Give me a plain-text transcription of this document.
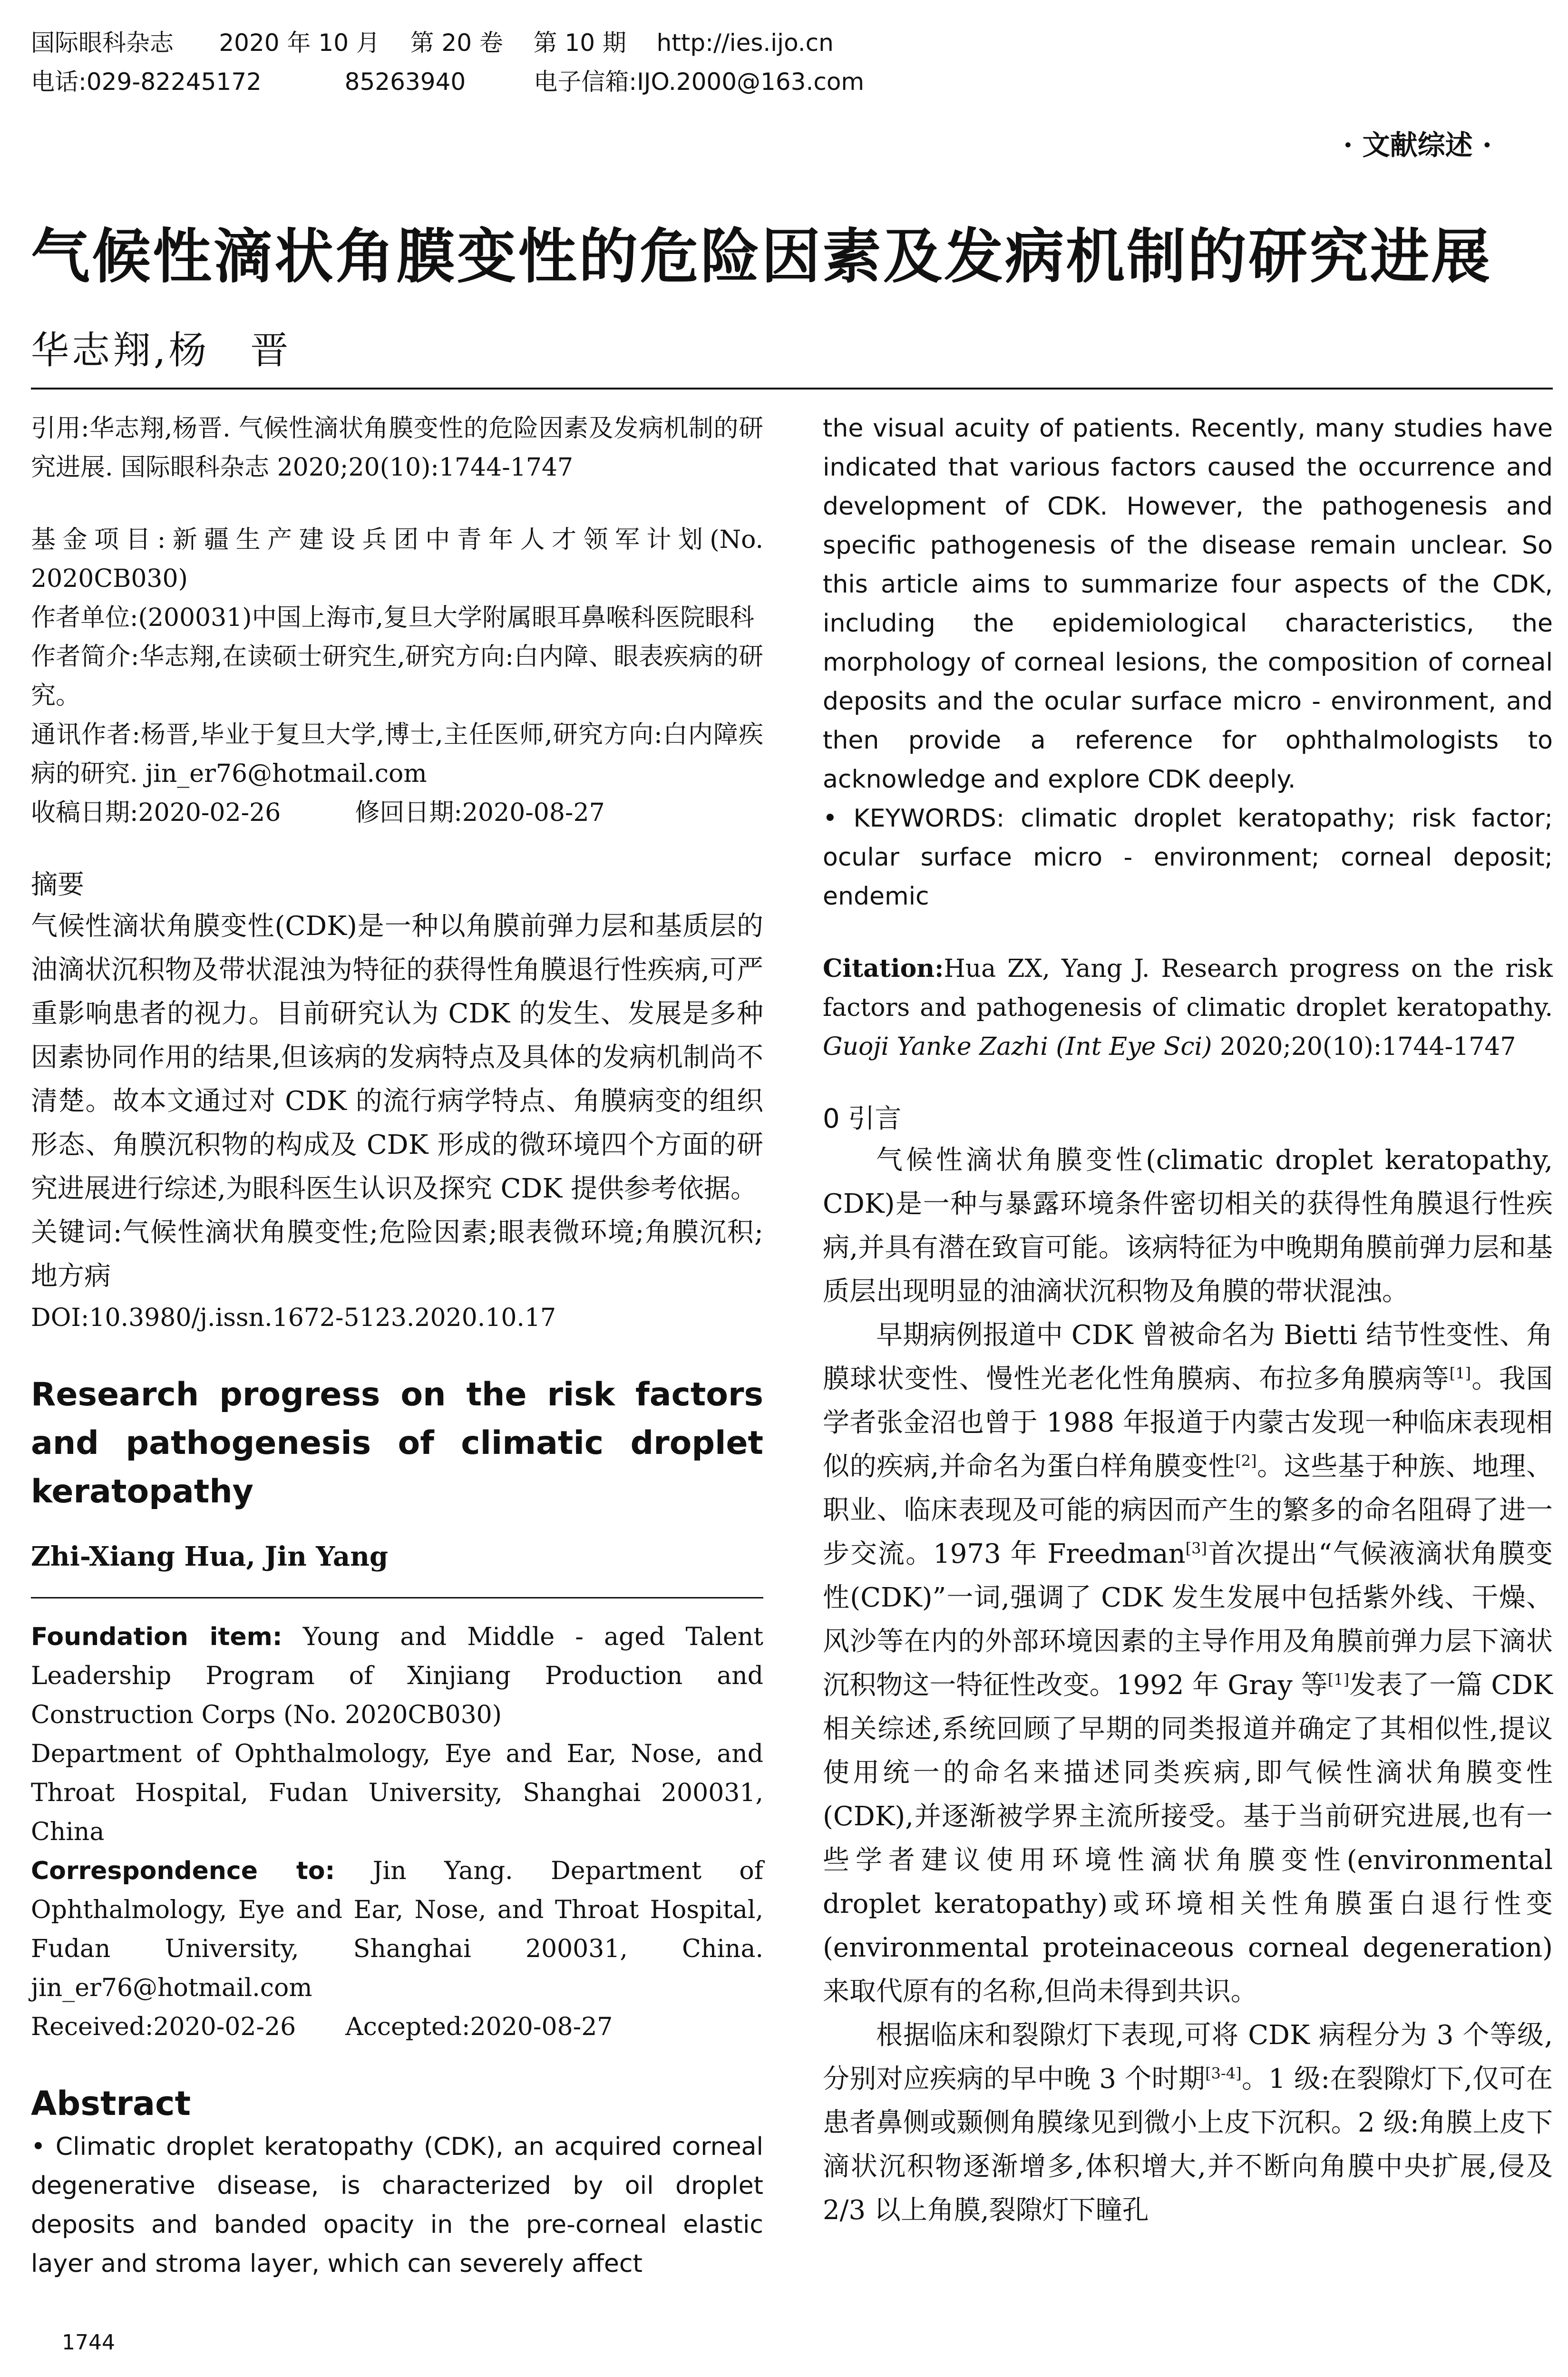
国际眼科杂志 2020 年 10 月 第 20 卷 第 10 期 http://ies.ijo.cn
电话:029-82245172	85263940	电子信箱:IJO.2000@163.com
· 文献综述 ·
气候性滴状角膜变性的危险因素及发病机制的研究进展
华志翔,杨　晋
引用:华志翔,杨晋. 气候性滴状角膜变性的危险因素及发病机制的研究进展. 国际眼科杂志 2020;20(10):1744-1747
基金项目:新疆生产建设兵团中青年人才领军计划(No. 2020CB030)
作者单位:(200031)中国上海市,复旦大学附属眼耳鼻喉科医院眼科
作者简介:华志翔,在读硕士研究生,研究方向:白内障、眼表疾病的研究。
通讯作者:杨晋,毕业于复旦大学,博士,主任医师,研究方向:白内障疾病的研究. jin_er76@hotmail.com
收稿日期:2020-02-26　　　修回日期:2020-08-27
摘要
气候性滴状角膜变性(CDK)是一种以角膜前弹力层和基质层的油滴状沉积物及带状混浊为特征的获得性角膜退行性疾病,可严重影响患者的视力。目前研究认为 CDK 的发生、发展是多种因素协同作用的结果,但该病的发病特点及具体的发病机制尚不清楚。故本文通过对 CDK 的流行病学特点、角膜病变的组织形态、角膜沉积物的构成及 CDK 形成的微环境四个方面的研究进展进行综述,为眼科医生认识及探究 CDK 提供参考依据。
关键词:气候性滴状角膜变性;危险因素;眼表微环境;角膜沉积;地方病
DOI:10.3980/j.issn.1672-5123.2020.10.17
Research progress on the risk factors and pathogenesis of climatic droplet keratopathy
Zhi-Xiang Hua, Jin Yang
Foundation item: Young and Middle - aged Talent Leadership Program of Xinjiang Production and Construction Corps (No. 2020CB030)
Department of Ophthalmology, Eye and Ear, Nose, and Throat Hospital, Fudan University, Shanghai 200031, China
Correspondence to: Jin Yang. Department of Ophthalmology, Eye and Ear, Nose, and Throat Hospital, Fudan University, Shanghai 200031, China. jin_er76@hotmail.com
Received:2020-02-26　　Accepted:2020-08-27
Abstract
• Climatic droplet keratopathy (CDK), an acquired corneal degenerative disease, is characterized by oil droplet deposits and banded opacity in the pre-corneal elastic layer and stroma layer, which can severely affect
the visual acuity of patients. Recently, many studies have indicated that various factors caused the occurrence and development of CDK. However, the pathogenesis and specific pathogenesis of the disease remain unclear. So this article aims to summarize four aspects of the CDK, including the epidemiological characteristics, the morphology of corneal lesions, the composition of corneal deposits and the ocular surface micro - environment, and then provide a reference for ophthalmologists to acknowledge and explore CDK deeply.
• KEYWORDS: climatic droplet keratopathy; risk factor; ocular surface micro - environment; corneal deposit; endemic
Citation:Hua ZX, Yang J. Research progress on the risk factors and pathogenesis of climatic droplet keratopathy. Guoji Yanke Zazhi (Int Eye Sci) 2020;20(10):1744-1747
0 引言
气候性滴状角膜变性(climatic droplet keratopathy, CDK)是一种与暴露环境条件密切相关的获得性角膜退行性疾病,并具有潜在致盲可能。该病特征为中晚期角膜前弹力层和基质层出现明显的油滴状沉积物及角膜的带状混浊。
早期病例报道中 CDK 曾被命名为 Bietti 结节性变性、角膜球状变性、慢性光老化性角膜病、布拉多角膜病等[1]。我国学者张金沼也曾于 1988 年报道于内蒙古发现一种临床表现相似的疾病,并命名为蛋白样角膜变性[2]。这些基于种族、地理、职业、临床表现及可能的病因而产生的繁多的命名阻碍了进一步交流。1973 年 Freedman[3]首次提出“气候液滴状角膜变性(CDK)”一词,强调了 CDK 发生发展中包括紫外线、干燥、风沙等在内的外部环境因素的主导作用及角膜前弹力层下滴状沉积物这一特征性改变。1992 年 Gray 等[1]发表了一篇 CDK 相关综述,系统回顾了早期的同类报道并确定了其相似性,提议使用统一的命名来描述同类疾病,即气候性滴状角膜变性(CDK),并逐渐被学界主流所接受。基于当前研究进展,也有一些学者建议使用环境性滴状角膜变性(environmental droplet keratopathy)或环境相关性角膜蛋白退行性变(environmental proteinaceous corneal degeneration)来取代原有的名称,但尚未得到共识。
根据临床和裂隙灯下表现,可将 CDK 病程分为 3 个等级,分别对应疾病的早中晚 3 个时期[3-4]。1 级:在裂隙灯下,仅可在患者鼻侧或颞侧角膜缘见到微小上皮下沉积。2 级:角膜上皮下滴状沉积物逐渐增多,体积增大,并不断向角膜中央扩展,侵及 2/3 以上角膜,裂隙灯下瞳孔
1744
